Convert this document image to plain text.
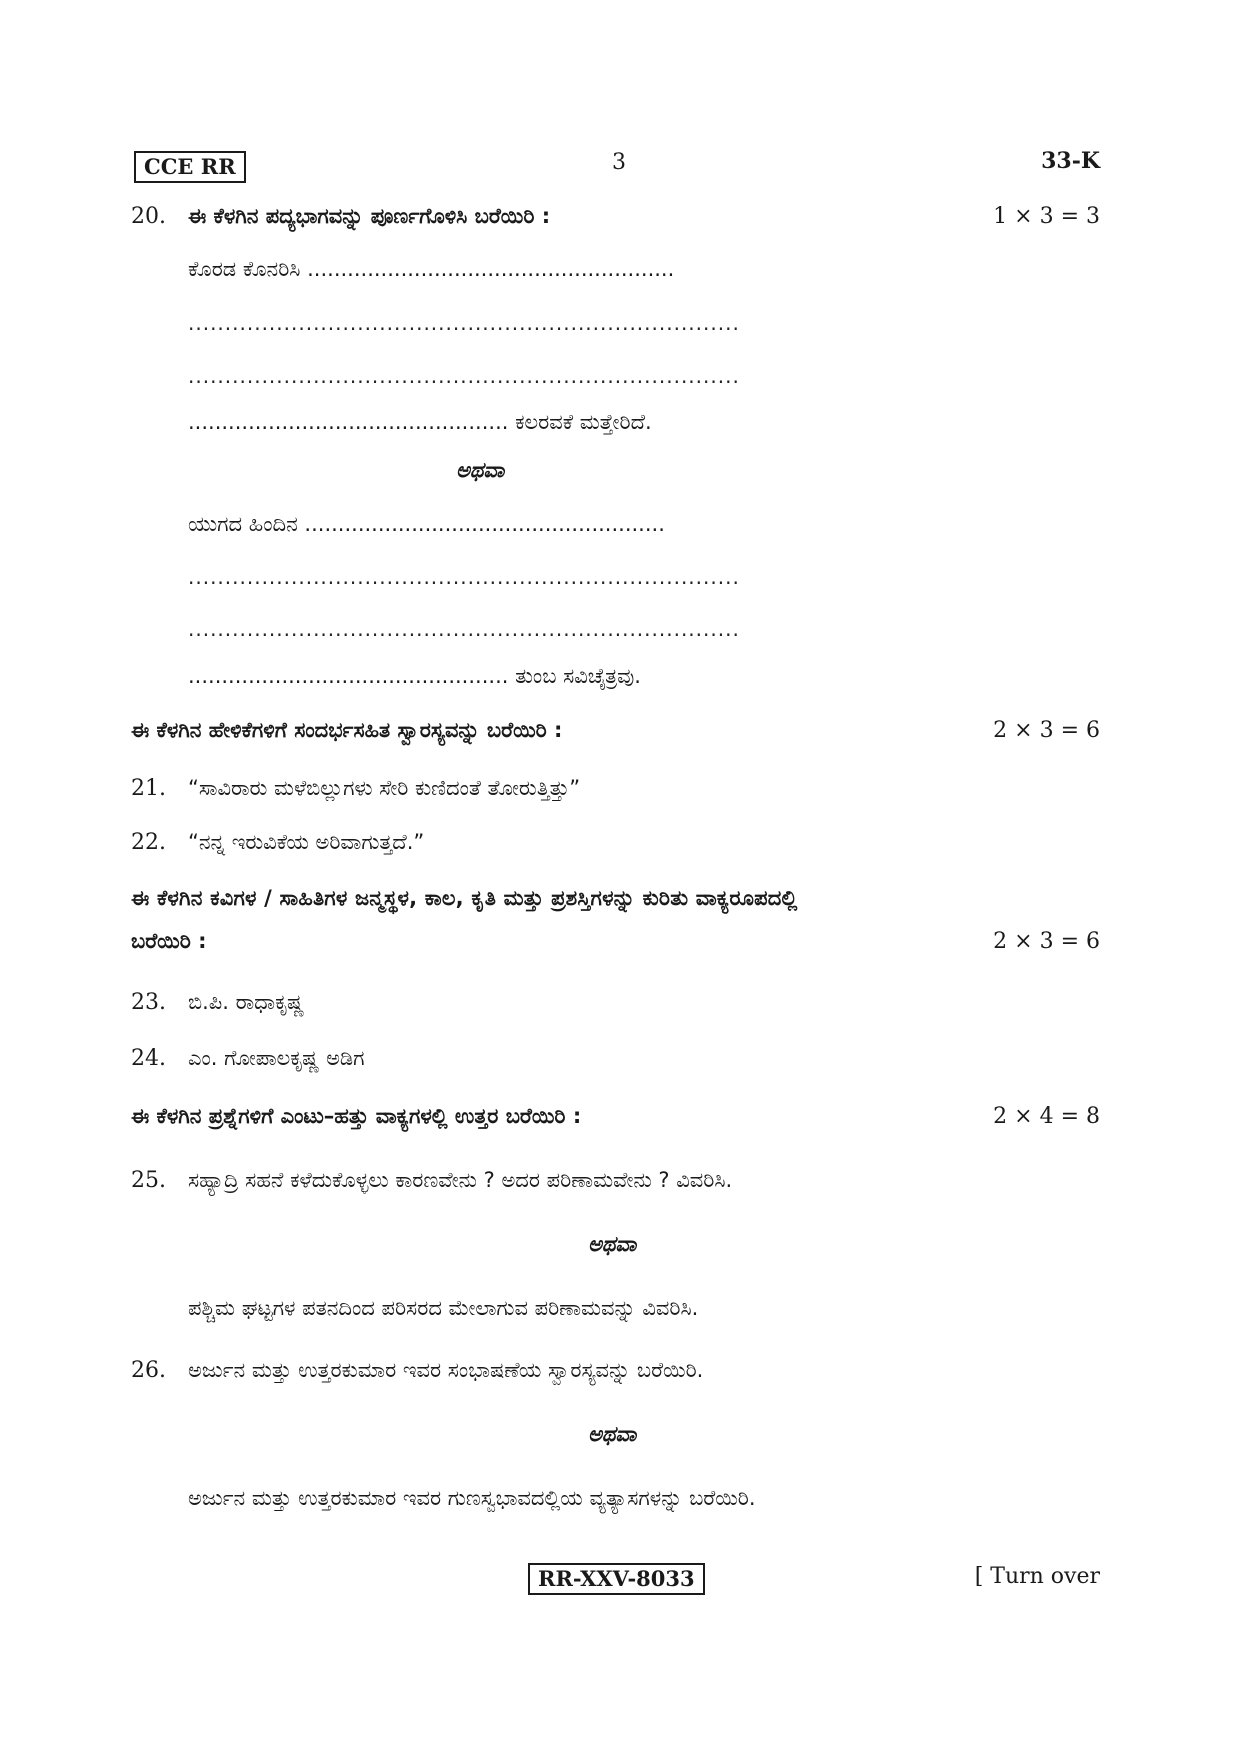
CCE RR	3	33-K
20. ಈ ಕೆಳಗಿನ ಪದ್ಯಭಾಗವನ್ನು ಪೂರ್ಣಗೊಳಿಸಿ ಬರೆಯಿರಿ :	1 × 3 = 3
ಕೊರಡ ಕೊನರಿಸಿ .......................................................
...........................................................................
...........................................................................
................................................ ಕಲರವಕೆ ಮತ್ತೇರಿದೆ.
ಅಥವಾ
ಯುಗದ ಹಿಂದಿನ ......................................................
...........................................................................
...........................................................................
................................................ ತುಂಬ ಸವಿಚೈತ್ರವು.
ಈ ಕೆಳಗಿನ ಹೇಳಿಕೆಗಳಿಗೆ ಸಂದರ್ಭಸಹಿತ ಸ್ವಾರಸ್ಯವನ್ನು ಬರೆಯಿರಿ :	2 × 3 = 6
21. “ಸಾವಿರಾರು ಮಳೆಬಿಲ್ಲುಗಳು ಸೇರಿ ಕುಣಿದಂತೆ ತೋರುತ್ತಿತ್ತು”
22. “ನನ್ನ ಇರುವಿಕೆಯ ಅರಿವಾಗುತ್ತದೆ.”
ಈ ಕೆಳಗಿನ ಕವಿಗಳ / ಸಾಹಿತಿಗಳ ಜನ್ಮಸ್ಥಳ, ಕಾಲ, ಕೃತಿ ಮತ್ತು ಪ್ರಶಸ್ತಿಗಳನ್ನು ಕುರಿತು ವಾಕ್ಯರೂಪದಲ್ಲಿ
ಬರೆಯಿರಿ :	2 × 3 = 6
23. ಬಿ.ಪಿ. ರಾಧಾಕೃಷ್ಣ
24. ಎಂ. ಗೋಪಾಲಕೃಷ್ಣ ಅಡಿಗ
ಈ ಕೆಳಗಿನ ಪ್ರಶ್ನೆಗಳಿಗೆ ಎಂಟು–ಹತ್ತು ವಾಕ್ಯಗಳಲ್ಲಿ ಉತ್ತರ ಬರೆಯಿರಿ :	2 × 4 = 8
25. ಸಹ್ಯಾದ್ರಿ ಸಹನೆ ಕಳೆದುಕೊಳ್ಳಲು ಕಾರಣವೇನು ? ಅದರ ಪರಿಣಾಮವೇನು ? ವಿವರಿಸಿ.
ಅಥವಾ
ಪಶ್ಚಿಮ ಘಟ್ಟಗಳ ಪತನದಿಂದ ಪರಿಸರದ ಮೇಲಾಗುವ ಪರಿಣಾಮವನ್ನು ವಿವರಿಸಿ.
26. ಅರ್ಜುನ ಮತ್ತು ಉತ್ತರಕುಮಾರ ಇವರ ಸಂಭಾಷಣೆಯ ಸ್ವಾರಸ್ಯವನ್ನು ಬರೆಯಿರಿ.
ಅಥವಾ
ಅರ್ಜುನ ಮತ್ತು ಉತ್ತರಕುಮಾರ ಇವರ ಗುಣಸ್ವಭಾವದಲ್ಲಿಯ ವ್ಯತ್ಯಾಸಗಳನ್ನು ಬರೆಯಿರಿ.
RR-XXV-8033	[ Turn over
